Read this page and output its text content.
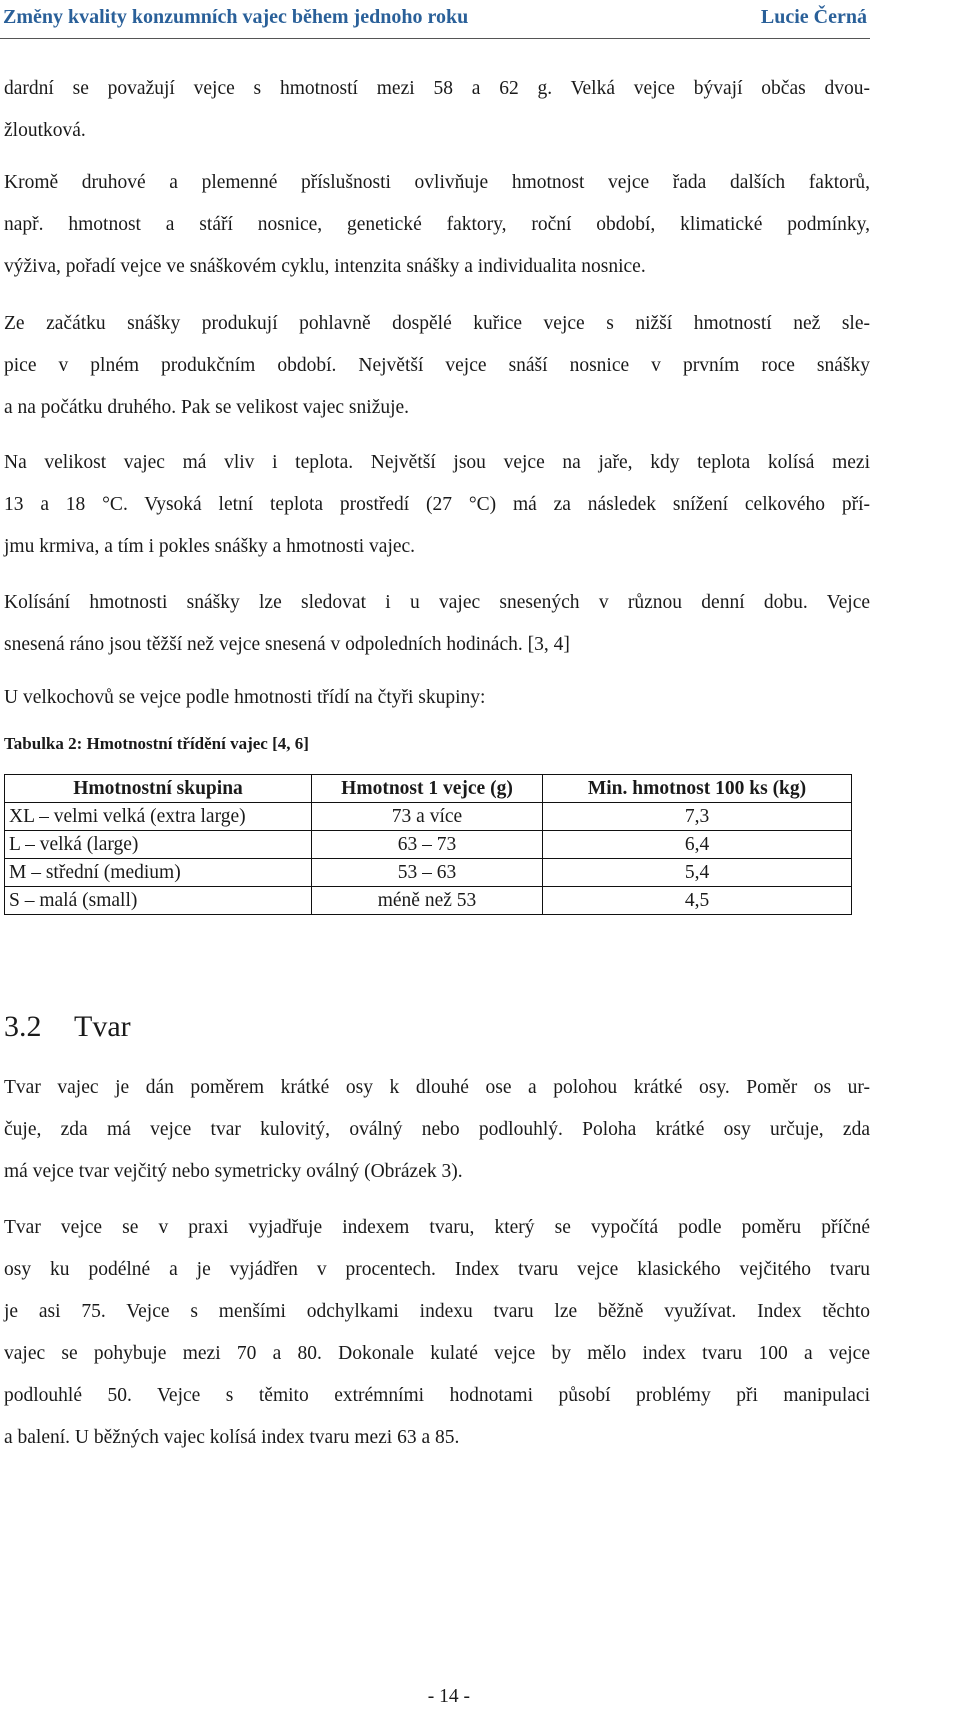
Změny kvality konzumních vajec během jednoho roku	Lucie Černá
dardní se považují vejce s hmotností mezi 58 a 62 g. Velká vejce bývají občas dvou-
žloutková.
Kromě druhové a plemenné příslušnosti ovlivňuje hmotnost vejce řada dalších faktorů,
např. hmotnost a stáří nosnice, genetické faktory, roční období, klimatické podmínky,
výživa, pořadí vejce ve snáškovém cyklu, intenzita snášky a individualita nosnice.
Ze začátku snášky produkují pohlavně dospělé kuřice vejce s nižší hmotností než sle-
pice v plném produkčním období. Největší vejce snáší nosnice v prvním roce snášky
a na počátku druhého. Pak se velikost vajec snižuje.
Na velikost vajec má vliv i teplota. Největší jsou vejce na jaře, kdy teplota kolísá mezi
13 a 18 °C. Vysoká letní teplota prostředí (27 °C) má za následek snížení celkového pří-
jmu krmiva, a tím i pokles snášky a hmotnosti vajec.
Kolísání hmotnosti snášky lze sledovat i u vajec snesených v různou denní dobu. Vejce
snesená ráno jsou těžší než vejce snesená v odpoledních hodinách. [3, 4]
U velkochovů se vejce podle hmotnosti třídí na čtyři skupiny:
Tabulka 2: Hmotnostní třídění vajec [4, 6]
Hmotnostní skupina	Hmotnost 1 vejce (g)	Min. hmotnost 100 ks (kg)
XL – velmi velká (extra large)	73 a více	7,3
L – velká (large)	63 – 73	6,4
M – střední (medium)	53 – 63	5,4
S – malá (small)	méně než 53	4,5
3.2 Tvar
Tvar vajec je dán poměrem krátké osy k dlouhé ose a polohou krátké osy. Poměr os ur-
čuje, zda má vejce tvar kulovitý, oválný nebo podlouhlý. Poloha krátké osy určuje, zda
má vejce tvar vejčitý nebo symetricky oválný (Obrázek 3).
Tvar vejce se v praxi vyjadřuje indexem tvaru, který se vypočítá podle poměru příčné
osy ku podélné a je vyjádřen v procentech. Index tvaru vejce klasického vejčitého tvaru
je asi 75. Vejce s menšími odchylkami indexu tvaru lze běžně využívat. Index těchto
vajec se pohybuje mezi 70 a 80. Dokonale kulaté vejce by mělo index tvaru 100 a vejce
podlouhlé 50. Vejce s těmito extrémními hodnotami působí problémy při manipulaci
a balení. U běžných vajec kolísá index tvaru mezi 63 a 85.
- 14 -
